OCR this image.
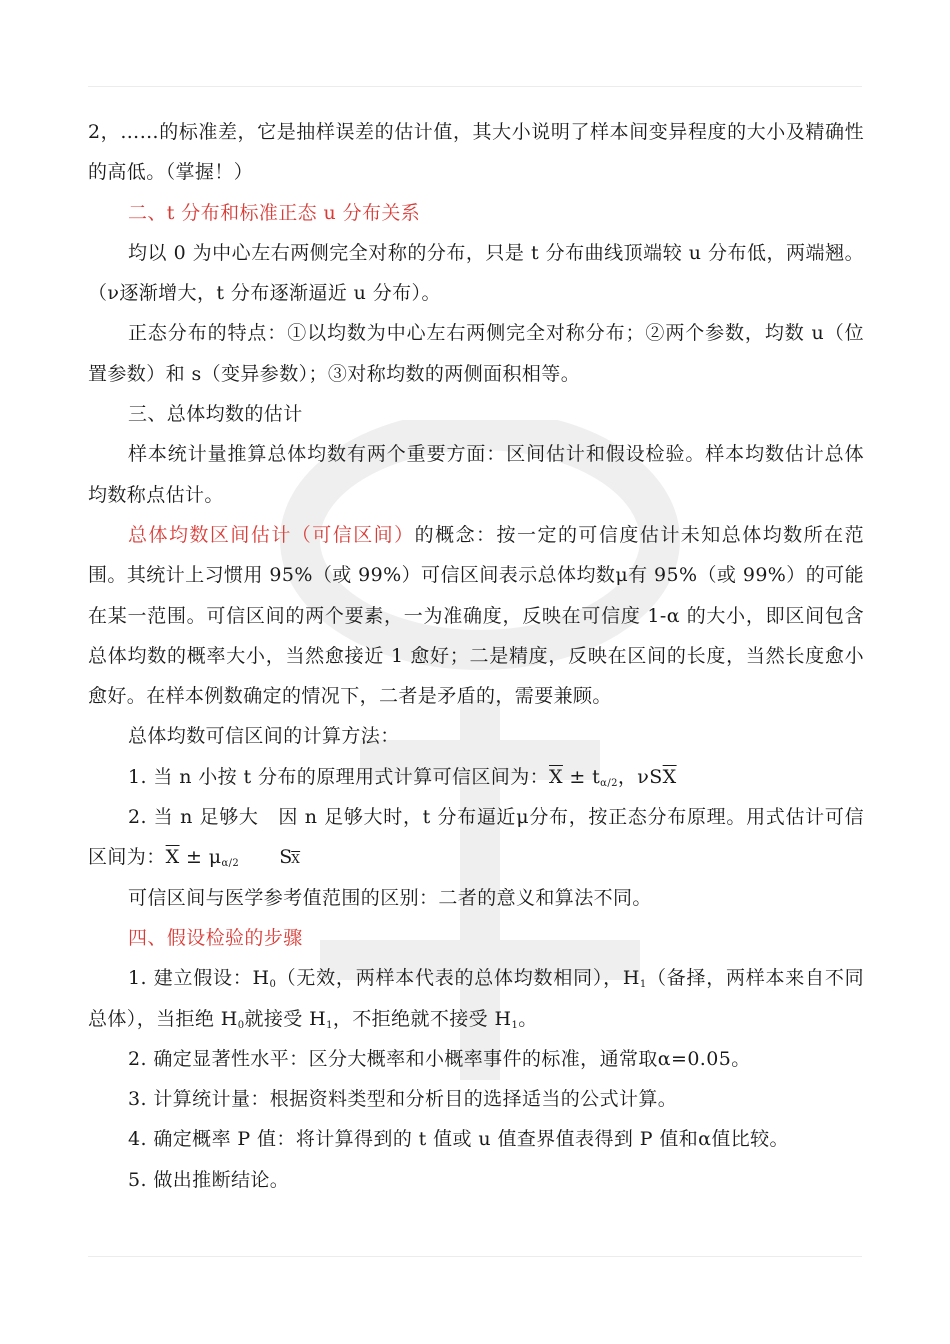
2，……的标准差，它是抽样误差的估计值，其大小说明了样本间变异程度的大小及精确性的高低。（掌握！）

二、t 分布和标准正态 u 分布关系

均以 0 为中心左右两侧完全对称的分布，只是 t 分布曲线顶端较 u 分布低，两端翘。（ν逐渐增大，t 分布逐渐逼近 u 分布）。

正态分布的特点：①以均数为中心左右两侧完全对称分布；②两个参数，均数 u（位置参数）和 s（变异参数）；③对称均数的两侧面积相等。

三、总体均数的估计

样本统计量推算总体均数有两个重要方面：区间估计和假设检验。样本均数估计总体均数称点估计。

总体均数区间估计（可信区间）的概念：按一定的可信度估计未知总体均数所在范围。其统计上习惯用 95%（或 99%）可信区间表示总体均数μ有 95%（或 99%）的可能在某一范围。可信区间的两个要素，一为准确度，反映在可信度 1-α 的大小，即区间包含总体均数的概率大小，当然愈接近 1 愈好；二是精度，反映在区间的长度，当然长度愈小愈好。在样本例数确定的情况下，二者是矛盾的，需要兼顾。

总体均数可信区间的计算方法：

1. 当 n 小按 t 分布的原理用式计算可信区间为：$\overline{X} \pm t_{\alpha/2}$，$\nu S\overline{X}$

2. 当 n 足够大　因 n 足够大时，t 分布逼近μ分布，按正态分布原理。用式估计可信区间为：$\overline{X} \pm \mu_{\alpha/2}$ S
$\overline{X}$

可信区间与医学参考值范围的区别：二者的意义和算法不同。

四、假设检验的步骤

1. 建立假设：$H_0$（无效，两样本代表的总体均数相同），$H_1$（备择，两样本来自不同总体），当拒绝 $H_0$就接受 $H_1$，不拒绝就不接受 $H_1$。

2. 确定显著性水平：区分大概率和小概率事件的标准，通常取α=0.05。

3. 计算统计量：根据资料类型和分析目的选择适当的公式计算。

4. 确定概率 P 值：将计算得到的 t 值或 u 值查界值表得到 P 值和α值比较。

5. 做出推断结论。
